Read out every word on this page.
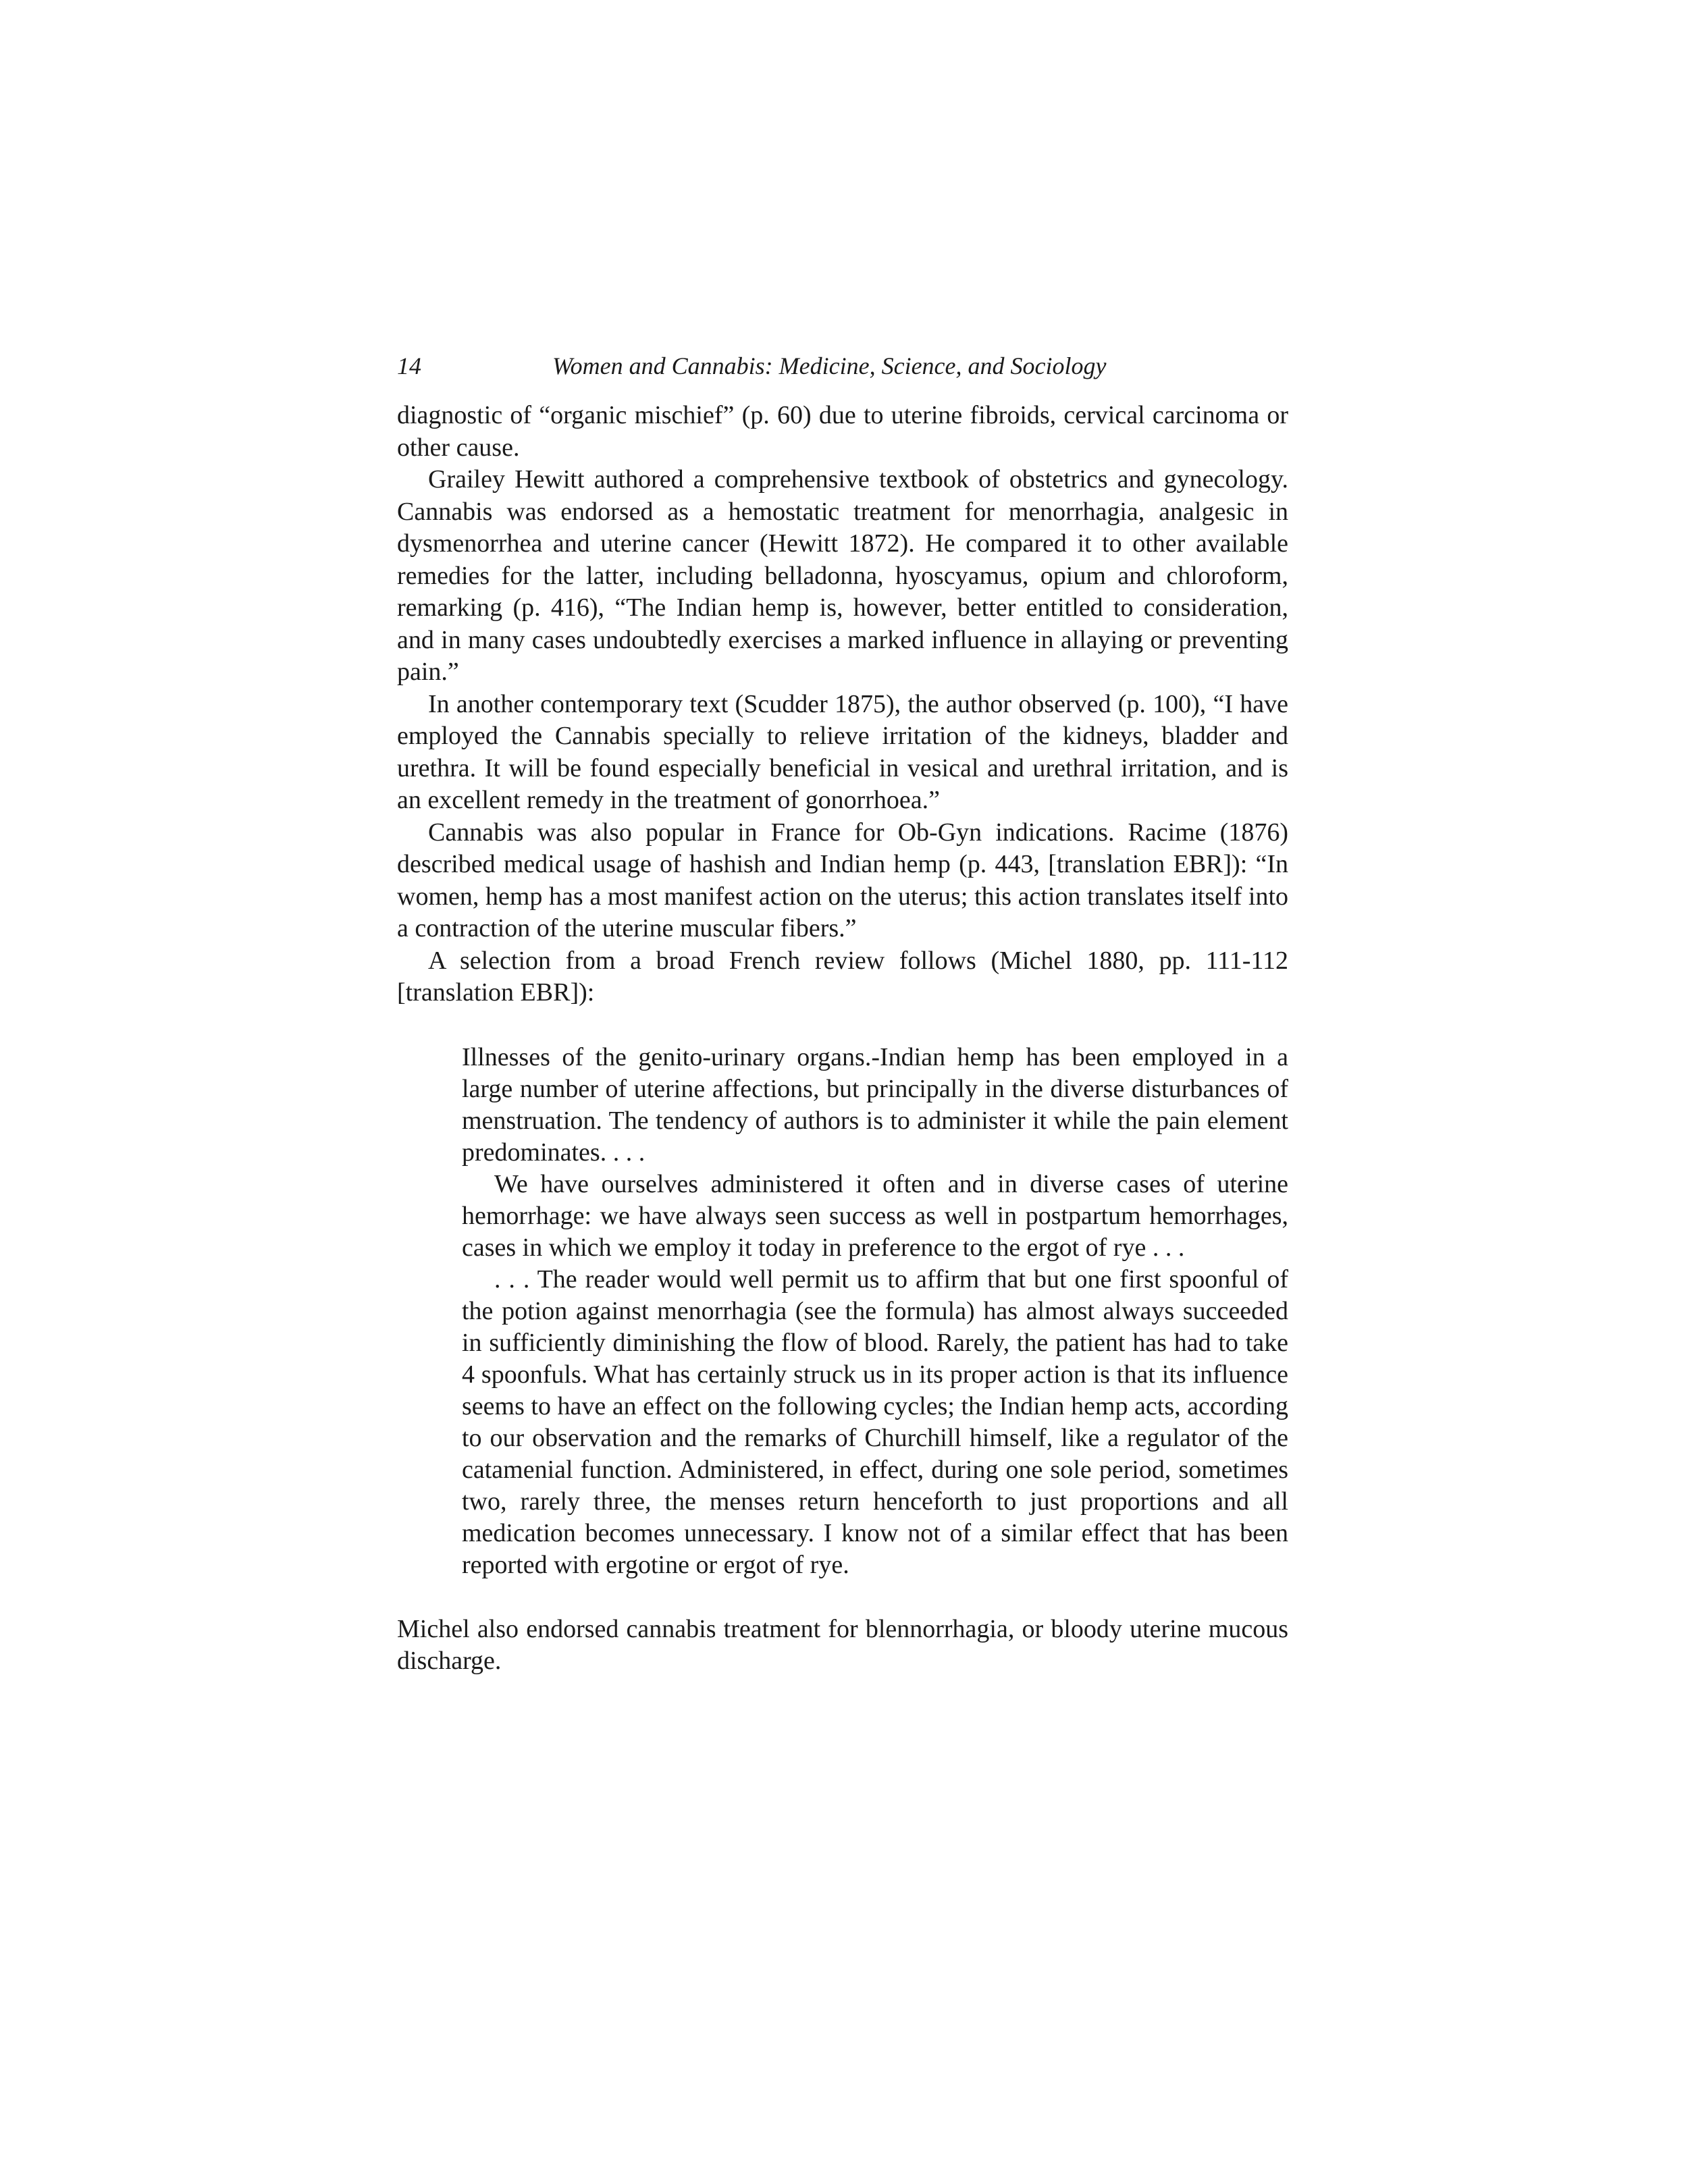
14	Women and Cannabis: Medicine, Science, and Sociology

diagnostic of “organic mischief” (p. 60) due to uterine fibroids, cervical carcinoma or other cause.

Grailey Hewitt authored a comprehensive textbook of obstetrics and gynecology. Cannabis was endorsed as a hemostatic treatment for menorrhagia, analgesic in dysmenorrhea and uterine cancer (Hewitt 1872). He compared it to other available remedies for the latter, including belladonna, hyoscyamus, opium and chloroform, remarking (p. 416), “The Indian hemp is, however, better entitled to consideration, and in many cases undoubtedly exercises a marked influence in allaying or preventing pain.”

In another contemporary text (Scudder 1875), the author observed (p. 100), “I have employed the Cannabis specially to relieve irritation of the kidneys, bladder and urethra. It will be found especially beneficial in vesical and urethral irritation, and is an excellent remedy in the treatment of gonorrhoea.”

Cannabis was also popular in France for Ob-Gyn indications. Racime (1876) described medical usage of hashish and Indian hemp (p. 443, [translation EBR]): “In women, hemp has a most manifest action on the uterus; this action translates itself into a contraction of the uterine muscular fibers.”

A selection from a broad French review follows (Michel 1880, pp. 111-112 [translation EBR]):

Illnesses of the genito-urinary organs.-Indian hemp has been employed in a large number of uterine affections, but principally in the diverse disturbances of menstruation. The tendency of authors is to administer it while the pain element predominates. . . .

We have ourselves administered it often and in diverse cases of uterine hemorrhage: we have always seen success as well in postpartum hemorrhages, cases in which we employ it today in preference to the ergot of rye . . .

. . . The reader would well permit us to affirm that but one first spoonful of the potion against menorrhagia (see the formula) has almost always succeeded in sufficiently diminishing the flow of blood. Rarely, the patient has had to take 4 spoonfuls. What has certainly struck us in its proper action is that its influence seems to have an effect on the following cycles; the Indian hemp acts, according to our observation and the remarks of Churchill himself, like a regulator of the catamenial function. Administered, in effect, during one sole period, sometimes two, rarely three, the menses return henceforth to just proportions and all medication becomes unnecessary. I know not of a similar effect that has been reported with ergotine or ergot of rye.

Michel also endorsed cannabis treatment for blennorrhagia, or bloody uterine mucous discharge.
